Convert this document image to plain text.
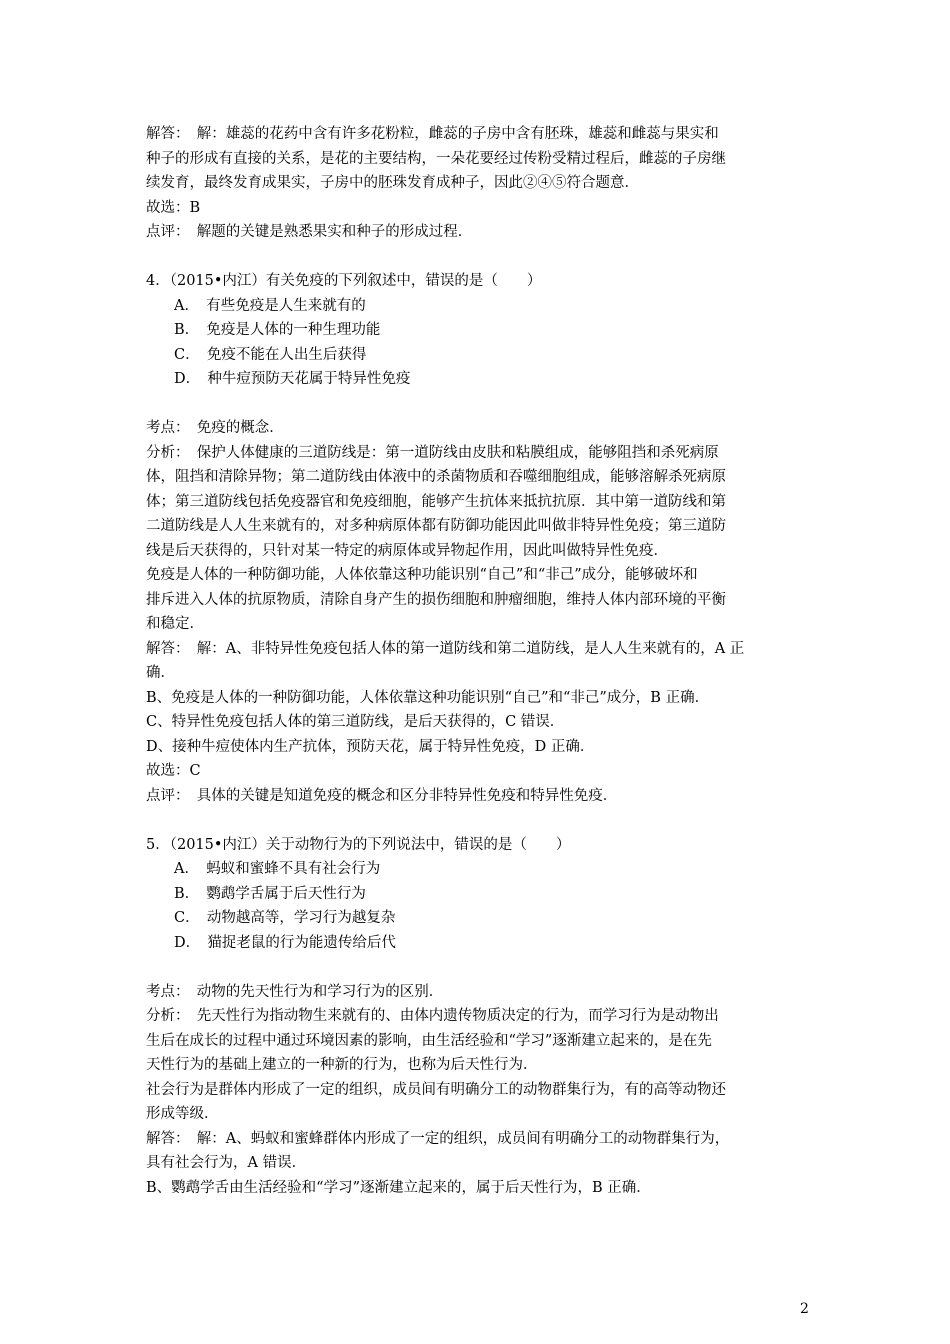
解答：　解：雄蕊的花药中含有许多花粉粒，雌蕊的子房中含有胚珠，雄蕊和雌蕊与果实和
种子的形成有直接的关系，是花的主要结构，一朵花要经过传粉受精过程后，雌蕊的子房继
续发育，最终发育成果实，子房中的胚珠发育成种子，因此②④⑤符合题意．
故选：B
点评：　解题的关键是熟悉果实和种子的形成过程．
4．（2015•内江）有关免疫的下列叙述中，错误的是（　　）
A．　有些免疫是人生来就有的
B．　免疫是人体的一种生理功能
C．　免疫不能在人出生后获得
D．　种牛痘预防天花属于特异性免疫
考点：　免疫的概念．
分析：　保护人体健康的三道防线是：第一道防线由皮肤和粘膜组成，能够阻挡和杀死病原
体，阻挡和清除异物；第二道防线由体液中的杀菌物质和吞噬细胞组成，能够溶解杀死病原
体；第三道防线包括免疫器官和免疫细胞，能够产生抗体来抵抗抗原．其中第一道防线和第
二道防线是人人生来就有的，对多种病原体都有防御功能因此叫做非特异性免疫；第三道防
线是后天获得的，只针对某一特定的病原体或异物起作用，因此叫做特异性免疫．
免疫是人体的一种防御功能，人体依靠这种功能识别“自己”和“非己”成分，能够破坏和
排斥进入人体的抗原物质，清除自身产生的损伤细胞和肿瘤细胞，维持人体内部环境的平衡
和稳定．
解答：　解：A、非特异性免疫包括人体的第一道防线和第二道防线，是人人生来就有的，A 正
确．
B、免疫是人体的一种防御功能，人体依靠这种功能识别“自己”和“非己”成分，B 正确．
C、特异性免疫包括人体的第三道防线，是后天获得的，C 错误．
D、接种牛痘使体内生产抗体，预防天花，属于特异性免疫，D 正确．
故选：C
点评：　具体的关键是知道免疫的概念和区分非特异性免疫和特异性免疫．
5．（2015•内江）关于动物行为的下列说法中，错误的是（　　）
A．　蚂蚁和蜜蜂不具有社会行为
B．　鹦鹉学舌属于后天性行为
C．　动物越高等，学习行为越复杂
D．　猫捉老鼠的行为能遗传给后代
考点：　动物的先天性行为和学习行为的区别．
分析：　先天性行为指动物生来就有的、由体内遗传物质决定的行为，而学习行为是动物出
生后在成长的过程中通过环境因素的影响，由生活经验和“学习”逐渐建立起来的，是在先
天性行为的基础上建立的一种新的行为，也称为后天性行为．
社会行为是群体内形成了一定的组织，成员间有明确分工的动物群集行为，有的高等动物还
形成等级．
解答：　解：A、蚂蚁和蜜蜂群体内形成了一定的组织，成员间有明确分工的动物群集行为，
具有社会行为，A 错误．
B、鹦鹉学舌由生活经验和“学习”逐渐建立起来的，属于后天性行为，B 正确．
2
